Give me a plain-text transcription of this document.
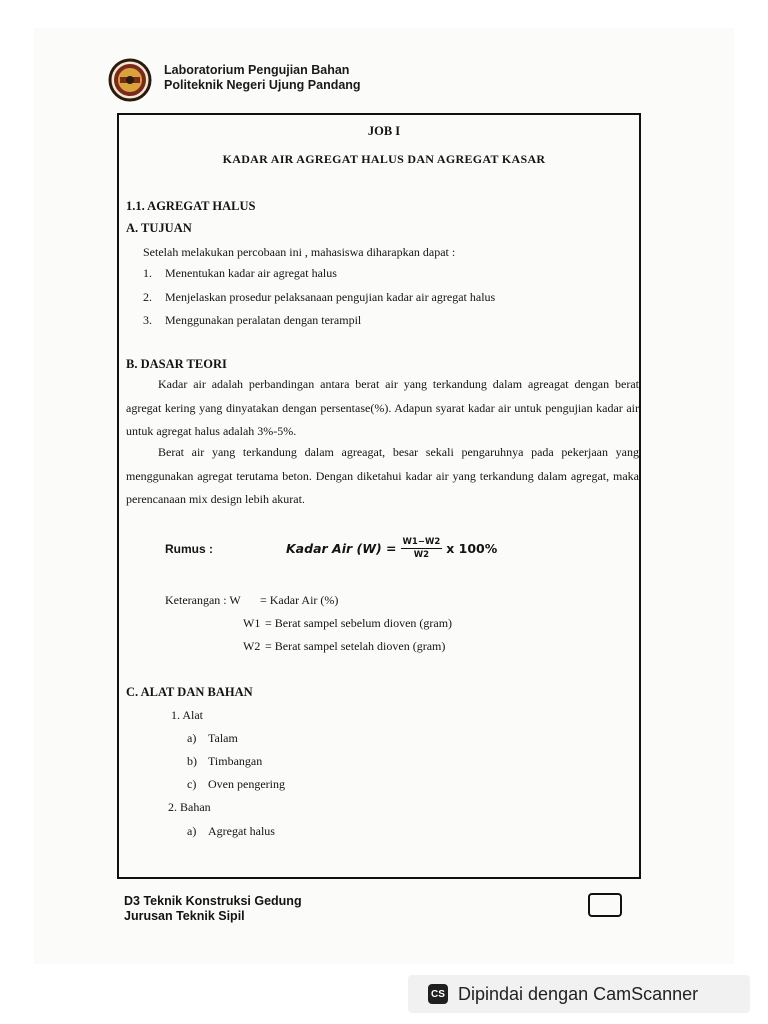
Laboratorium Pengujian Bahan
Politeknik Negeri Ujung Pandang
JOB I
KADAR AIR AGREGAT HALUS DAN AGREGAT KASAR
1.1. AGREGAT HALUS
A. TUJUAN
Setelah melakukan percobaan ini , mahasiswa diharapkan dapat :
1. Menentukan kadar air agregat halus
2. Menjelaskan prosedur pelaksanaan pengujian kadar air agregat halus
3. Menggunakan peralatan dengan terampil
B. DASAR TEORI
Kadar air adalah perbandingan antara berat air yang terkandung dalam agreagat dengan berat agregat kering yang dinyatakan dengan persentase(%). Adapun syarat kadar air untuk pengujian kadar air untuk agregat halus adalah 3%-5%.
Berat air yang terkandung dalam agreagat, besar sekali pengaruhnya pada pekerjaan yang menggunakan agregat terutama beton. Dengan diketahui kadar air yang terkandung dalam agregat, maka perencanaan mix design lebih akurat.
Rumus :	Kadar Air $(W) = \frac{W1-W2}{W2}$ x 100%
Keterangan : W = Kadar Air (%)
W1 = Berat sampel sebelum dioven (gram)
W2 = Berat sampel setelah dioven (gram)
C. ALAT DAN BAHAN
1. Alat
a) Talam
b) Timbangan
c) Oven pengering
2. Bahan
a) Agregat halus
D3 Teknik Konstruksi Gedung
Jurusan Teknik Sipil
CS Dipindai dengan CamScanner
